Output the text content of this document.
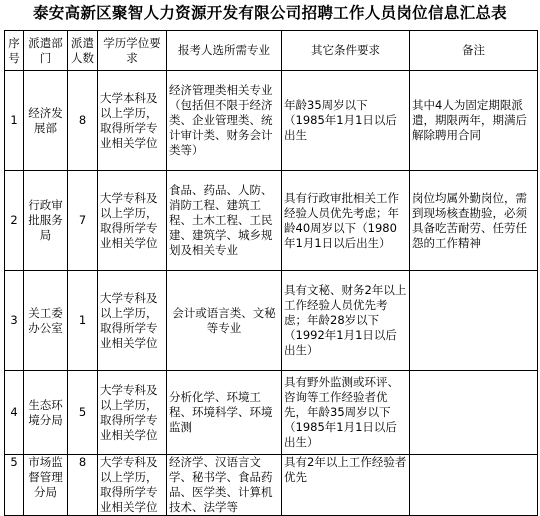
泰安高新区聚智人力资源开发有限公司招聘工作人员岗位信息汇总表
序号	派遣部门	派遣人数	学历学位要求	报考人选所需专业	其它条件要求	备注
1	经济发展部	8	大学本科及以上学历，取得所学专业相关学位	经济管理类相关专业（包括但不限于经济类、企业管理类、统计审计类、财务会计类等）	年龄35周岁以下（1985年1月1日以后出生	其中4人为固定期限派遣，期限两年，期满后解除聘用合同
2	行政审批服务局	7	大学专科及以上学历，取得所学专业相关学位	食品、药品、人防、消防工程、建筑工程、土木工程、工民建、建筑学、城乡规划及相关专业	具有行政审批相关工作经验人员优先考虑；年龄40周岁以下（1980年1月1日以后出生）	岗位均属外勤岗位，需到现场核查勘验，必须具备吃苦耐劳、任劳任怨的工作精神
3	关工委办公室	1	大学专科及以上学历，取得所学专业相关学位	会计或语言类、文秘等专业	具有文秘、财务2年以上工作经验人员优先考虑；年龄28岁以下（1992年1月1日以后出生）	
4	生态环境分局	5	大学专科及以上学历，取得所学专业相关学位	分析化学、环境工程、环境科学、环境监测	具有野外监测或环评、咨询等工作经验者优先，年龄35周岁以下（1985年1月1日以后出生）	
5	市场监督管理分局	8	大学专科及以上学历，取得所学专业相关学位	经济学、汉语言文学、秘书学、食品药品、医学类、计算机技术、法学等	具有2年以上工作经验者优先	
